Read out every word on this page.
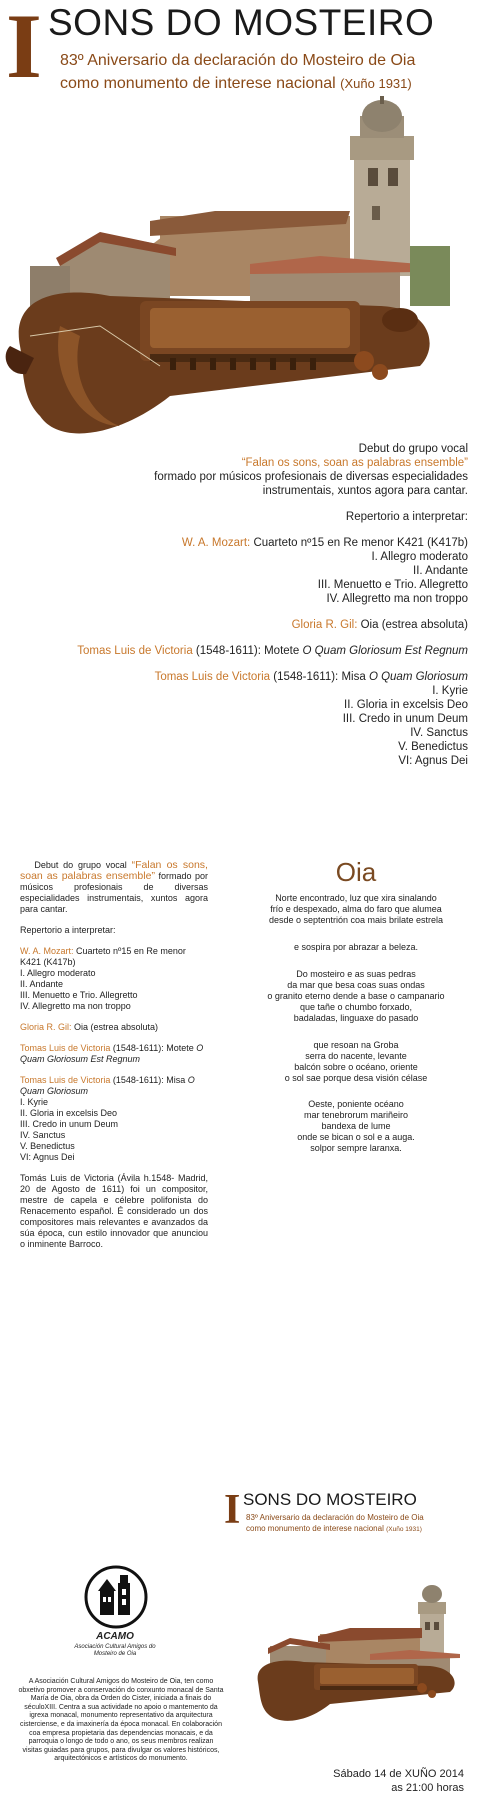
I SONS DO MOSTEIRO
83º Aniversario da declaración do Mosteiro de Oia
como monumento de interese nacional (Xuño 1931)

Debut do grupo vocal

“Falan os sons, soan as palabras ensemble”

formado por músicos profesionais de diversas especialidades

instrumentais, xuntos agora para cantar.

Repertorio a interpretar:

W. A. Mozart: Cuarteto nº15 en Re menor K421 (K417b)

I. Allegro moderato

II. Andante

III. Menuetto e Trio. Allegretto

IV. Allegretto ma non troppo

Gloria R. Gil: Oia (estrea absoluta)

Tomas Luis de Victoria (1548-1611): Motete O Quam Gloriosum Est Regnum

Tomas Luis de Victoria (1548-1611): Misa O Quam Gloriosum

I. Kyrie

II. Gloria in excelsis Deo

III. Credo in unum Deum

IV. Sanctus

V. Benedictus

VI: Agnus Dei

Debut do grupo vocal “Falan os sons, soan as palabras ensemble” formado por músicos profesionais de diversas especialidades instrumentais, xuntos agora para cantar.

Repertorio a interpretar:

W. A. Mozart: Cuarteto nº15 en Re menor K421 (K417b)

I. Allegro moderato

II. Andante

III. Menuetto e Trio. Allegretto

IV. Allegretto ma non troppo

Gloria R. Gil: Oia (estrea absoluta)

Tomas Luis de Victoria (1548-1611): Motete O Quam Gloriosum Est Regnum

Tomas Luis de Victoria (1548-1611): Misa O Quam Gloriosum

I. Kyrie

II. Gloria in excelsis Deo

III. Credo in unum Deum

IV. Sanctus

V. Benedictus

VI: Agnus Dei

Tomás Luis de Victoria (Ávila h.1548- Madrid, 20 de Agosto de 1611) foi un compositor, mestre de capela e célebre polifonista do Renacemento español. É considerado un dos compositores mais relevantes e avanzados da súa época, cun estilo innovador que anunciou o inminente Barroco.

Oia

Norte encontrado, luz que xira sinalando

frío e despexado, alma do faro que alumea

desde o septentrión coa mais brilate estrela

e sospira por abrazar a beleza.

Do mosteiro e as suas pedras

da mar que besa coas suas ondas

o granito eterno dende a base o campanario

que tañe o chumbo forxado,

badaladas, linguaxe do pasado

que resoan na Groba

serra do nacente, levante

balcón sobre o océano, oriente

o sol sae porque desa visión célase

Oeste, poniente océano

mar tenebrorum mariñeiro

bandexa de lume

onde se bican o sol e a auga.

solpor sempre laranxa.

I SONS DO MOSTEIRO
83º Aniversario da declaración do Mosteiro de Oia
como monumento de interese nacional (Xuño 1931)
ACAMO
Asociación Cultural Amigos do Mosteiro de Oia
A Asociación Cultural Amigos do Mosteiro de Oia, ten como obxetivo promover a conservación do conxunto monacal de Santa María de Oia, obra da Orden do Cister, iniciada a finais do séculoXIII. Centra a sua actividade no apoio o mantemento da igrexa monacal, monumento representativo da arquitectura cisterciense, e da imaxinería da época monacal. En colaboración coa empresa propietaria das dependencias monacais, e da parroquia o longo de todo o ano, os seus membros realizan visitas guiadas para grupos, para divulgar os valores históricos, arquitectónicos e artísticos do monumento.
Sábado 14 de XUÑO 2014
as 21:00 horas
